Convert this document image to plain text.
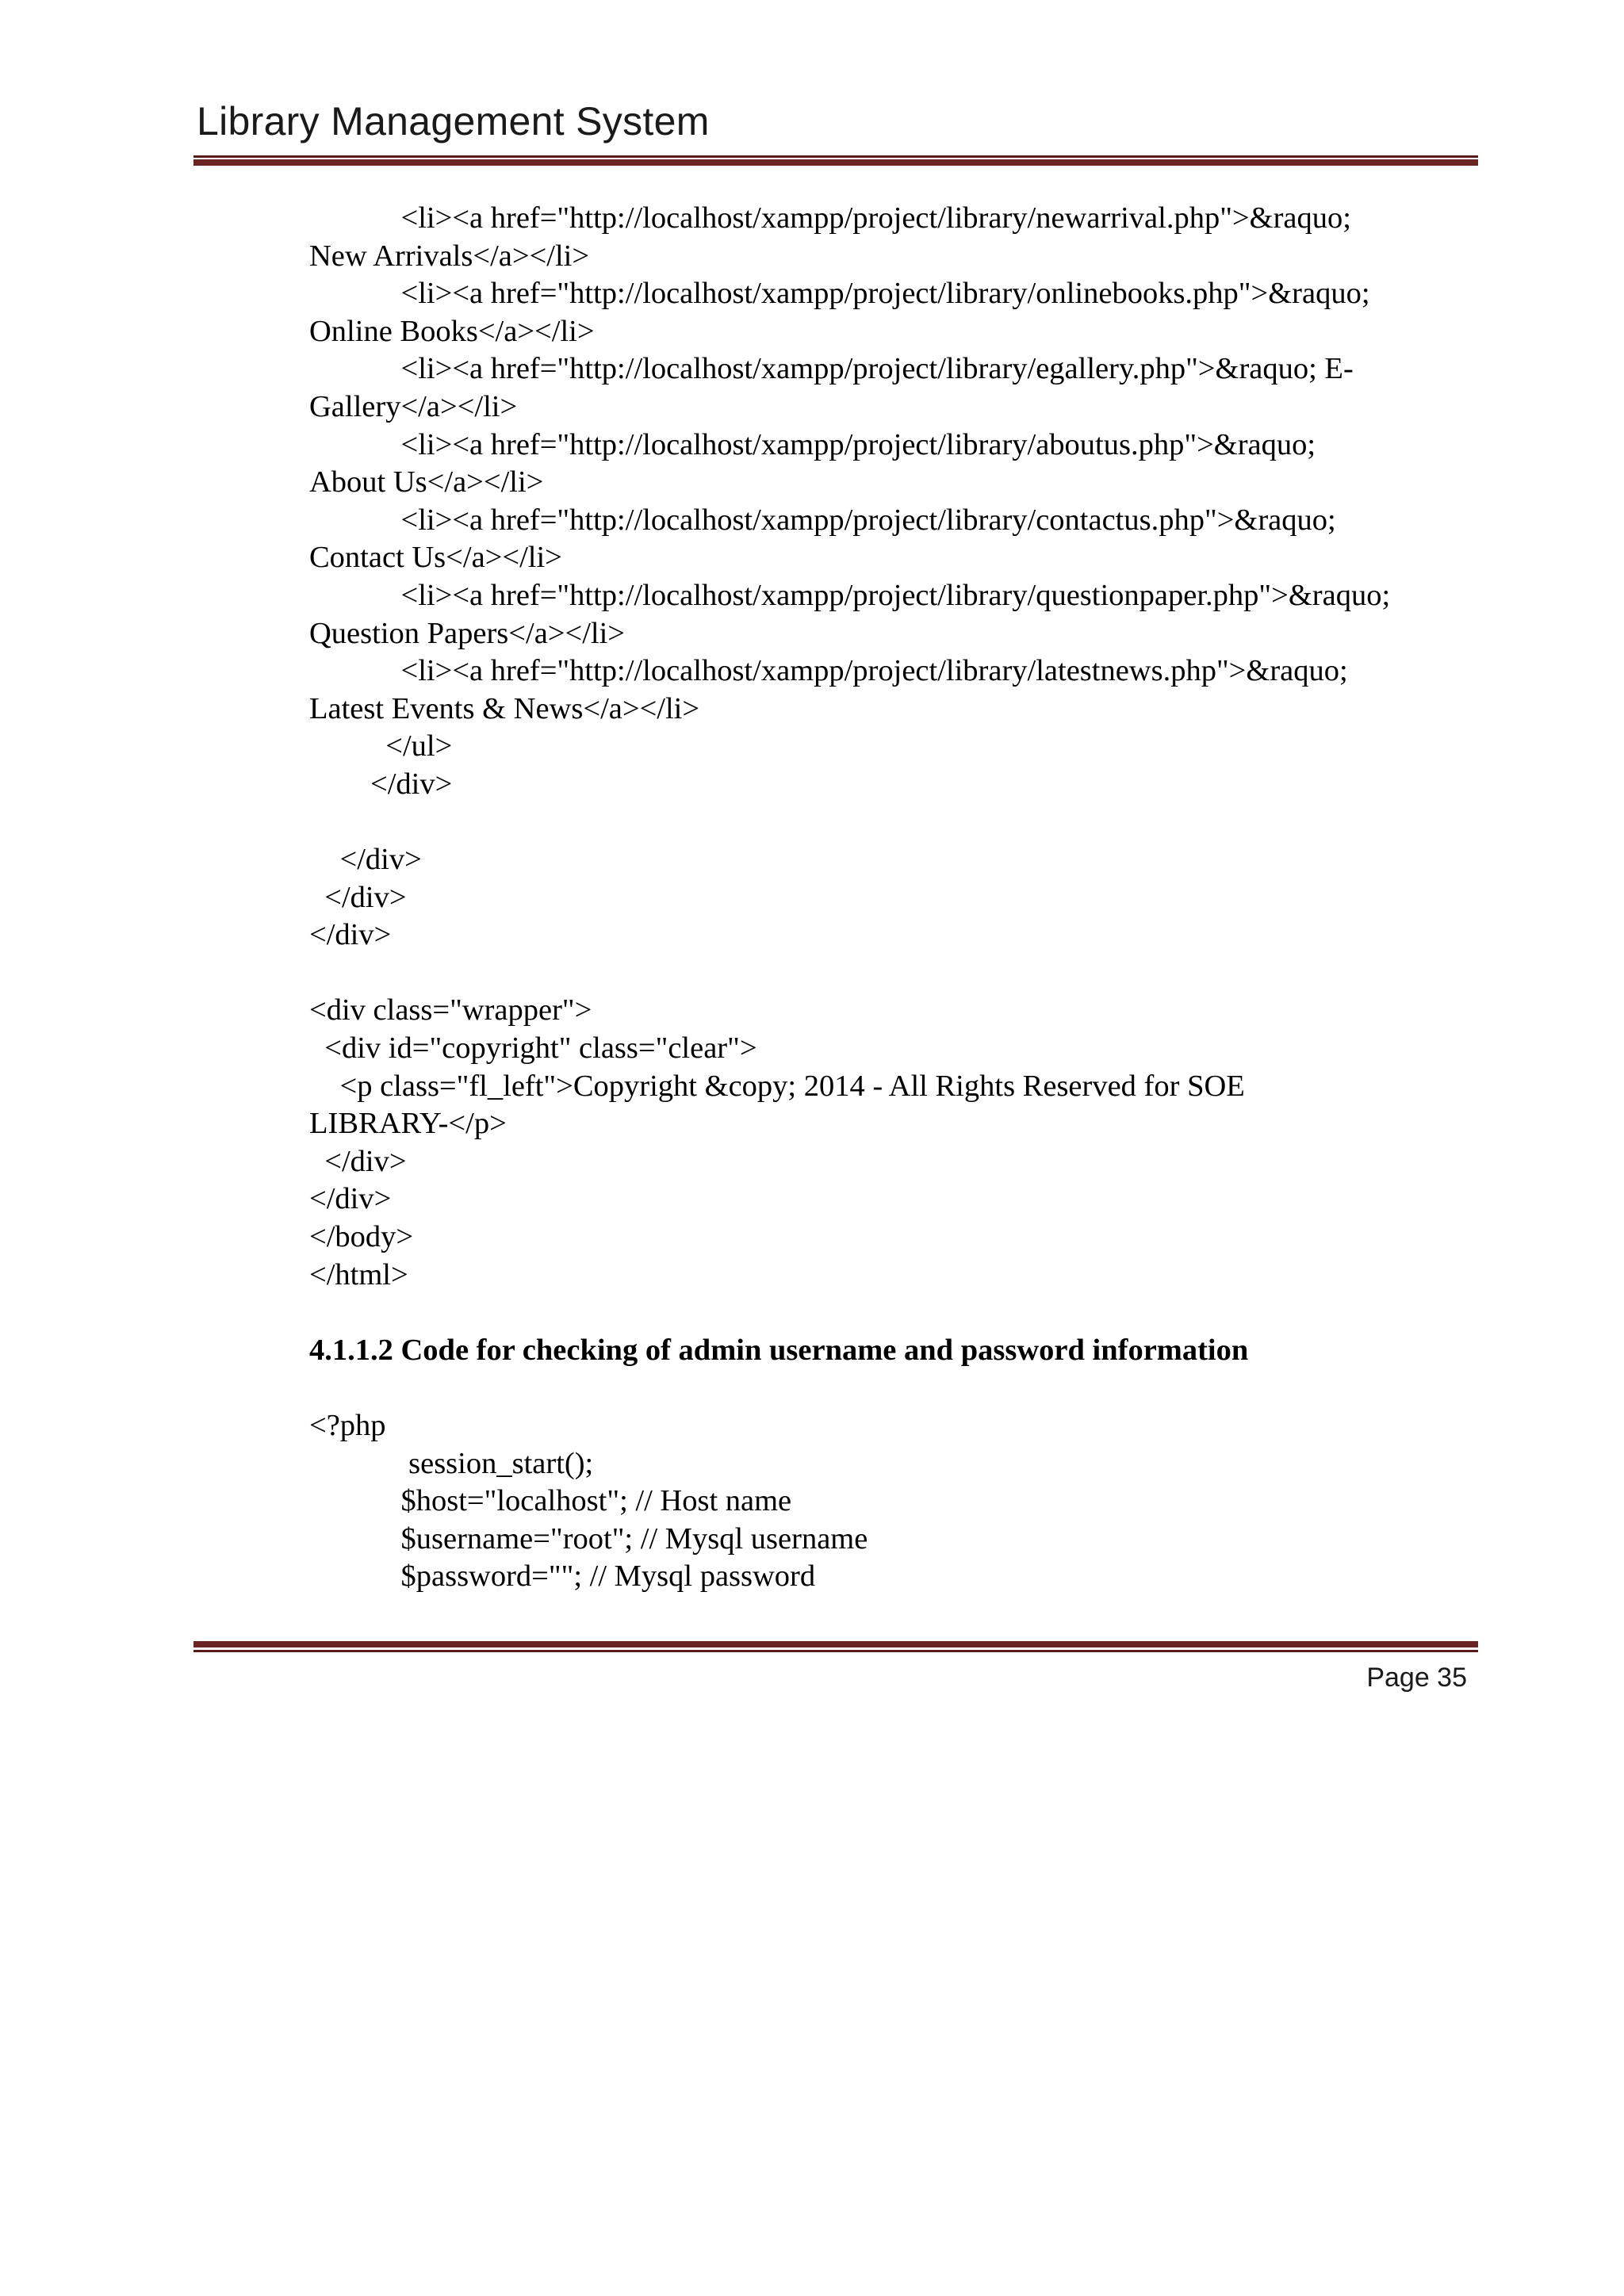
Library Management System
<li><a href="http://localhost/xampp/project/library/newarrival.php">&raquo;
New Arrivals</a></li>
<li><a href="http://localhost/xampp/project/library/onlinebooks.php">&raquo;
Online Books</a></li>
<li><a href="http://localhost/xampp/project/library/egallery.php">&raquo; E-
Gallery</a></li>
<li><a href="http://localhost/xampp/project/library/aboutus.php">&raquo;
About Us</a></li>
<li><a href="http://localhost/xampp/project/library/contactus.php">&raquo;
Contact Us</a></li>
<li><a href="http://localhost/xampp/project/library/questionpaper.php">&raquo;
Question Papers</a></li>
<li><a href="http://localhost/xampp/project/library/latestnews.php">&raquo;
Latest Events & News</a></li>
</ul>
</div>
</div>
</div>
</div>
<div class="wrapper">
<div id="copyright" class="clear">
<p class="fl_left">Copyright &copy; 2014 - All Rights Reserved for SOE
LIBRARY-</p>
</div>
</div>
</body>
</html>
4.1.1.2 Code for checking of admin username and password information
<?php
session_start();
$host="localhost"; // Host name
$username="root"; // Mysql username
$password=""; // Mysql password
Page 35
